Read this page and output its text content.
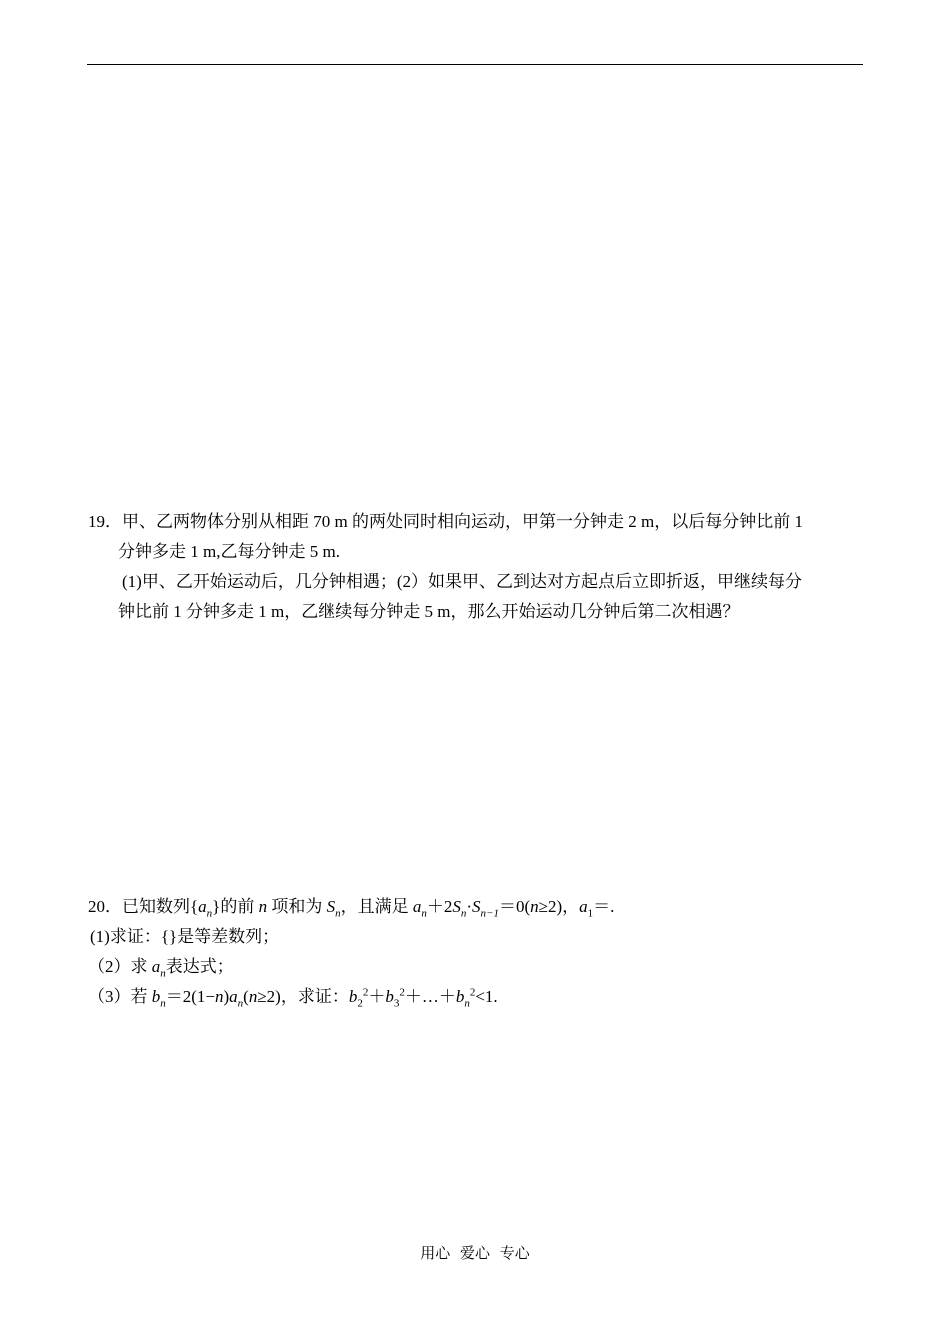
19．甲、乙两物体分别从相距 70 m 的两处同时相向运动，甲第一分钟走 2 m，以后每分钟比前 1
分钟多走 1 m,乙每分钟走 5 m.
(1)甲、乙开始运动后，几分钟相遇；(2）如果甲、乙到达对方起点后立即折返，甲继续每分
钟比前 1 分钟多走 1 m，乙继续每分钟走 5 m，那么开始运动几分钟后第二次相遇？
20．已知数列$\{a_n\}$的前 n 项和为 $S_n$，且满足 $a_n+2S_n\cdot S_{n-1}=0(n\ge 2)$，$a_1=$.
(1)求证：{}是等差数列；
（2）求 $a_n$表达式；
（3）若 $b_n=2(1-n)a_n(n\ge 2)$，求证：$b_2^2+b_3^2+\dots+b_n^2<1$.
用心 爱心 专心
